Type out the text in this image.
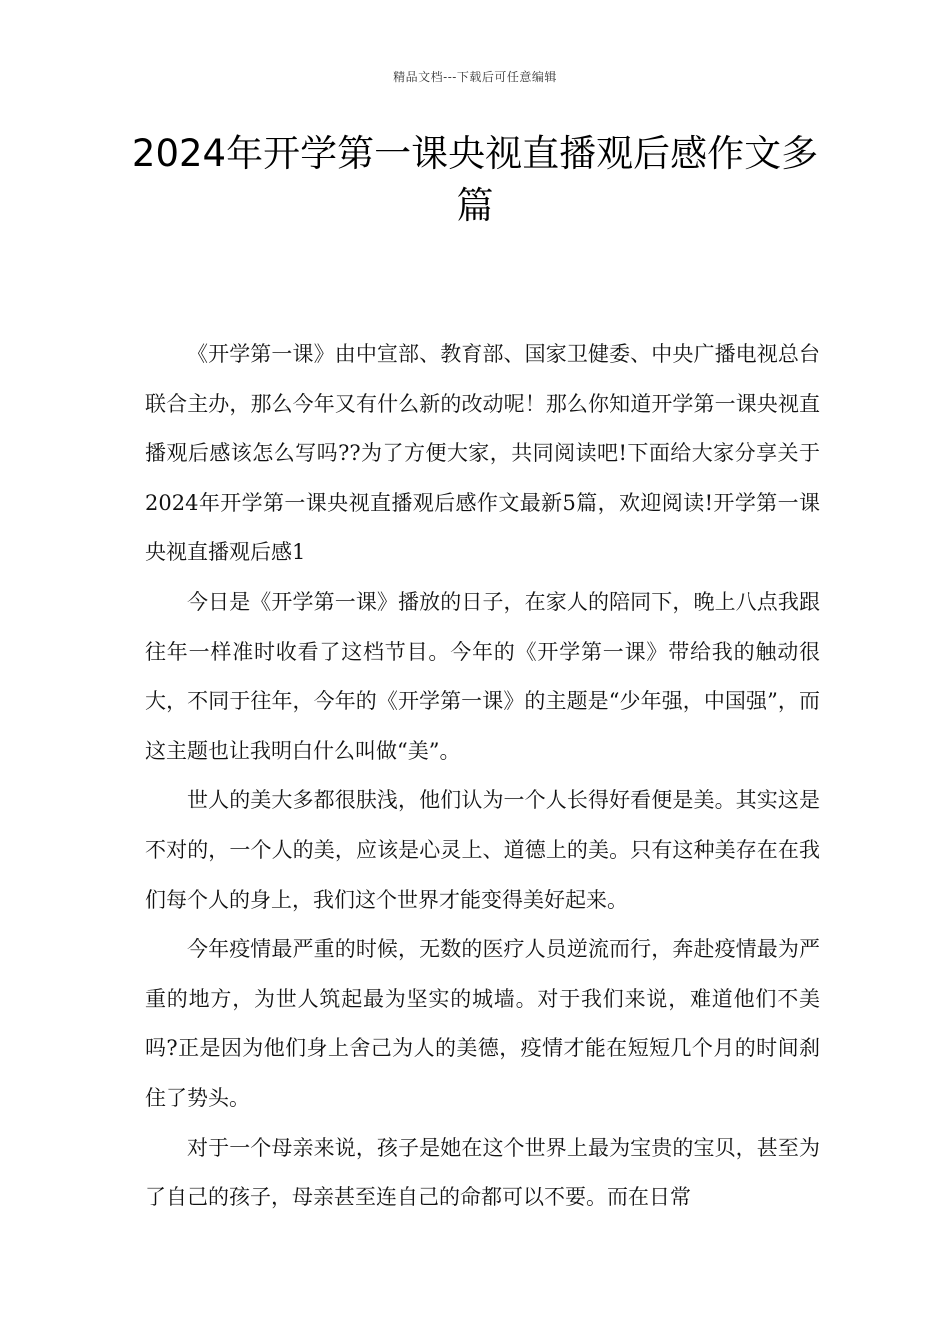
精品文档---下载后可任意编辑
2024年开学第一课央视直播观后感作文多篇

《开学第一课》由中宣部、教育部、国家卫健委、中央广播电视总台联合主办，那么今年又有什么新的改动呢！那么你知道开学第一课央视直播观后感该怎么写吗??为了方便大家，共同阅读吧!下面给大家分享关于2024年开学第一课央视直播观后感作文最新5篇，欢迎阅读!开学第一课央视直播观后感1

今日是《开学第一课》播放的日子，在家人的陪同下，晚上八点我跟往年一样准时收看了这档节目。今年的《开学第一课》带给我的触动很大，不同于往年，今年的《开学第一课》的主题是“少年强，中国强”，而这主题也让我明白什么叫做“美”。

世人的美大多都很肤浅，他们认为一个人长得好看便是美。其实这是不对的，一个人的美，应该是心灵上、道德上的美。只有这种美存在在我们每个人的身上，我们这个世界才能变得美好起来。

今年疫情最严重的时候，无数的医疗人员逆流而行，奔赴疫情最为严重的地方，为世人筑起最为坚实的城墙。对于我们来说，难道他们不美吗?正是因为他们身上舍己为人的美德，疫情才能在短短几个月的时间刹住了势头。

对于一个母亲来说，孩子是她在这个世界上最为宝贵的宝贝，甚至为了自己的孩子，母亲甚至连自己的命都可以不要。而在日常
